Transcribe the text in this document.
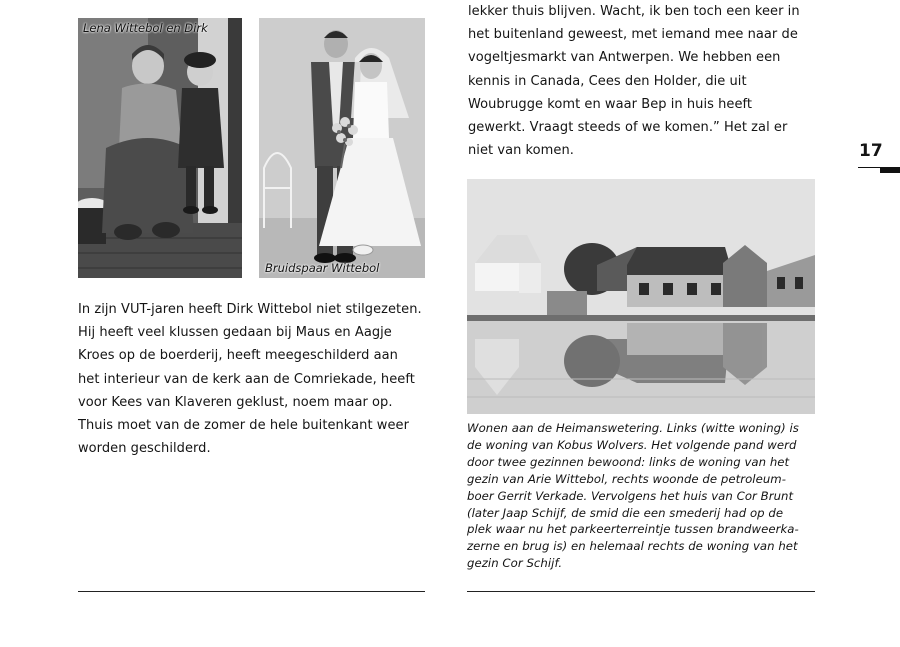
Lena Wittebol en Dirk
Bruidspaar Wittebol

In zijn VUT-jaren heeft Dirk Wittebol niet stilgezeten.
Hij heeft veel klussen gedaan bij Maus en Aagje
Kroes op de boerderij, heeft meegeschilderd aan
het interieur van de kerk aan de Comriekade, heeft
voor Kees van Klaveren geklust, noem maar op.
Thuis moet van de zomer de hele buitenkant weer
worden geschilderd.

lekker thuis blijven. Wacht, ik ben toch een keer in
het buitenland geweest, met iemand mee naar de
vogeltjesmarkt van Antwerpen. We hebben een
kennis in Canada, Cees den Holder, die uit
Woubrugge komt en waar Bep in huis heeft
gewerkt. Vraagt steeds of we komen.” Het zal er
niet van komen.

Wonen aan de Heimanswetering. Links (witte woning) is
de woning van Kobus Wolvers. Het volgende pand werd
door twee gezinnen bewoond: links de woning van het
gezin van Arie Wittebol, rechts woonde de petroleum-
boer Gerrit Verkade. Vervolgens het huis van Cor Brunt
(later Jaap Schijf, de smid die een smederij had op de
plek waar nu het parkeerterreintje tussen brandweerka-
zerne en brug is) en helemaal rechts de woning van het
gezin Cor Schijf.
17
